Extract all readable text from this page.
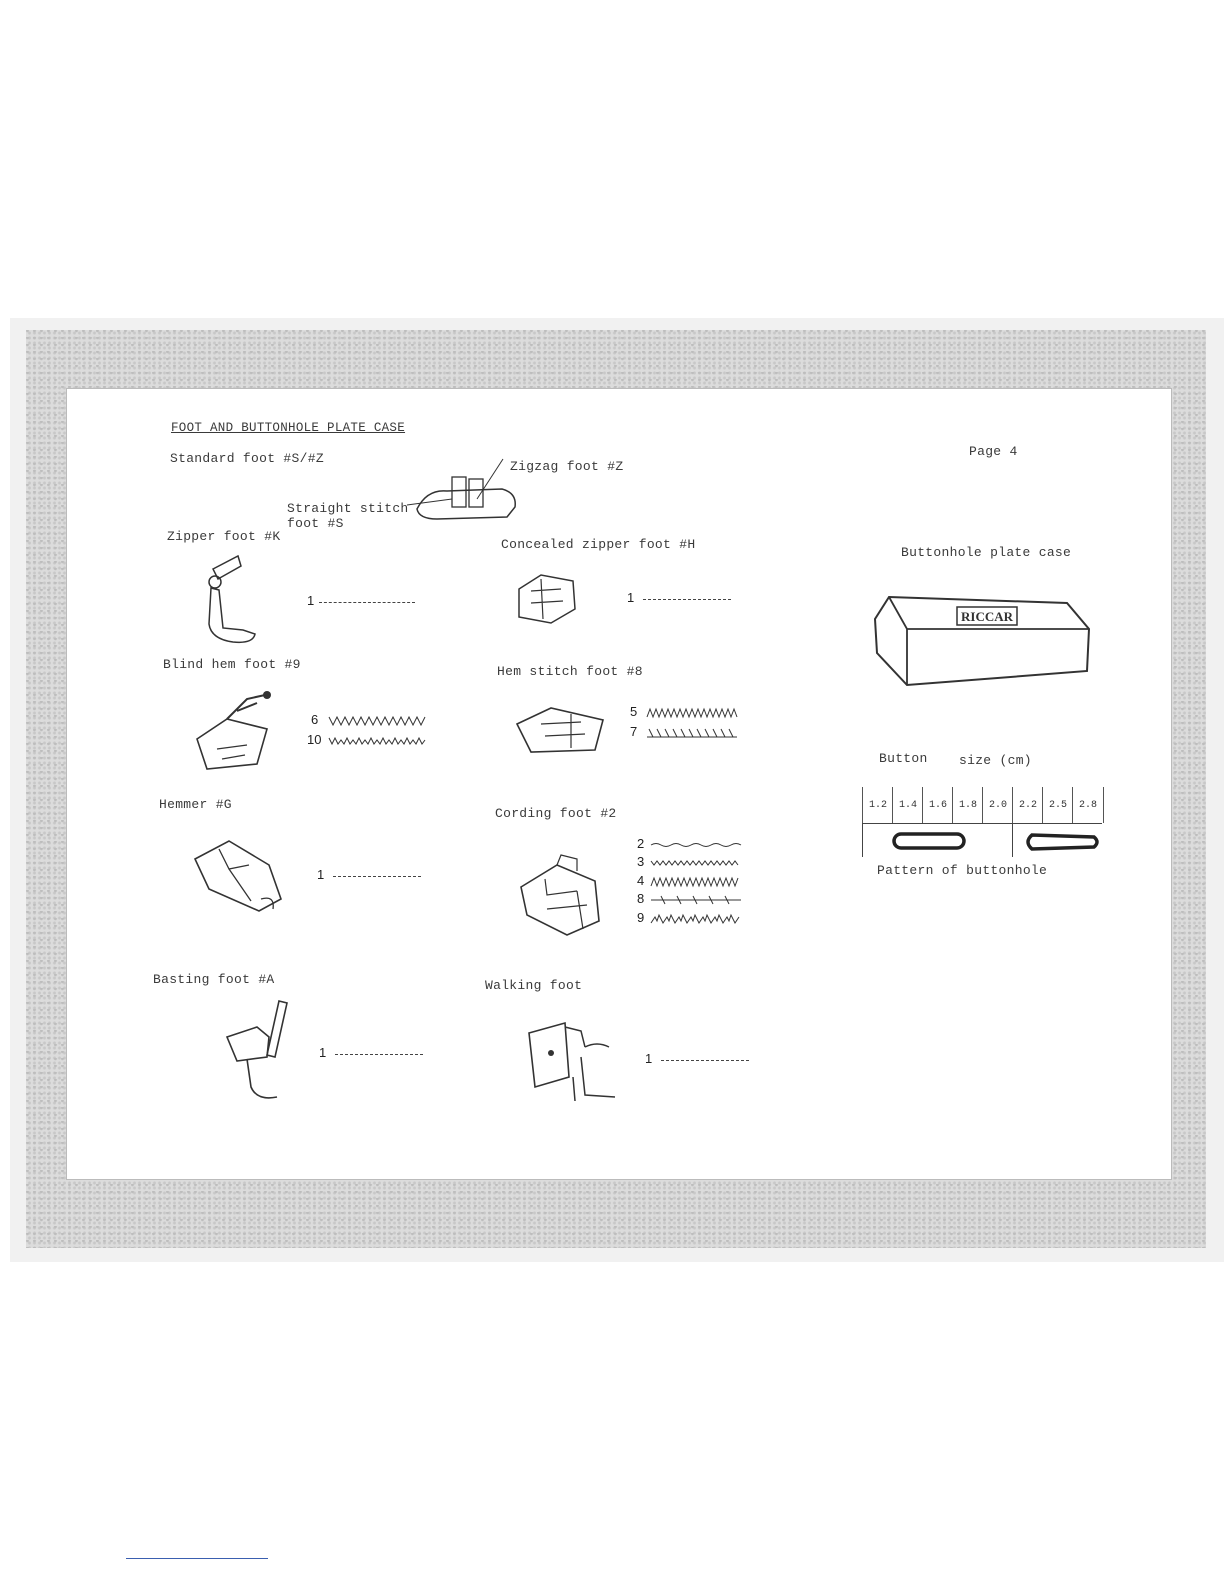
FOOT AND BUTTONHOLE PLATE CASE
Standard foot #S/#Z
Zigzag foot #Z
Straight stitch
foot #S
Page 4
Zipper foot #K
1
Concealed zipper foot #H
1
Buttonhole plate case
RICCAR
Blind hem foot #9
6
10
Hem stitch foot #8
5
7
Button size (cm)
1.2	1.4	1.6	1.8	2.0	2.2	2.5	2.8
Pattern of buttonhole
Hemmer #G
1
Cording foot #2
2
3
4
8
9
Basting foot #A
1
Walking foot
1
